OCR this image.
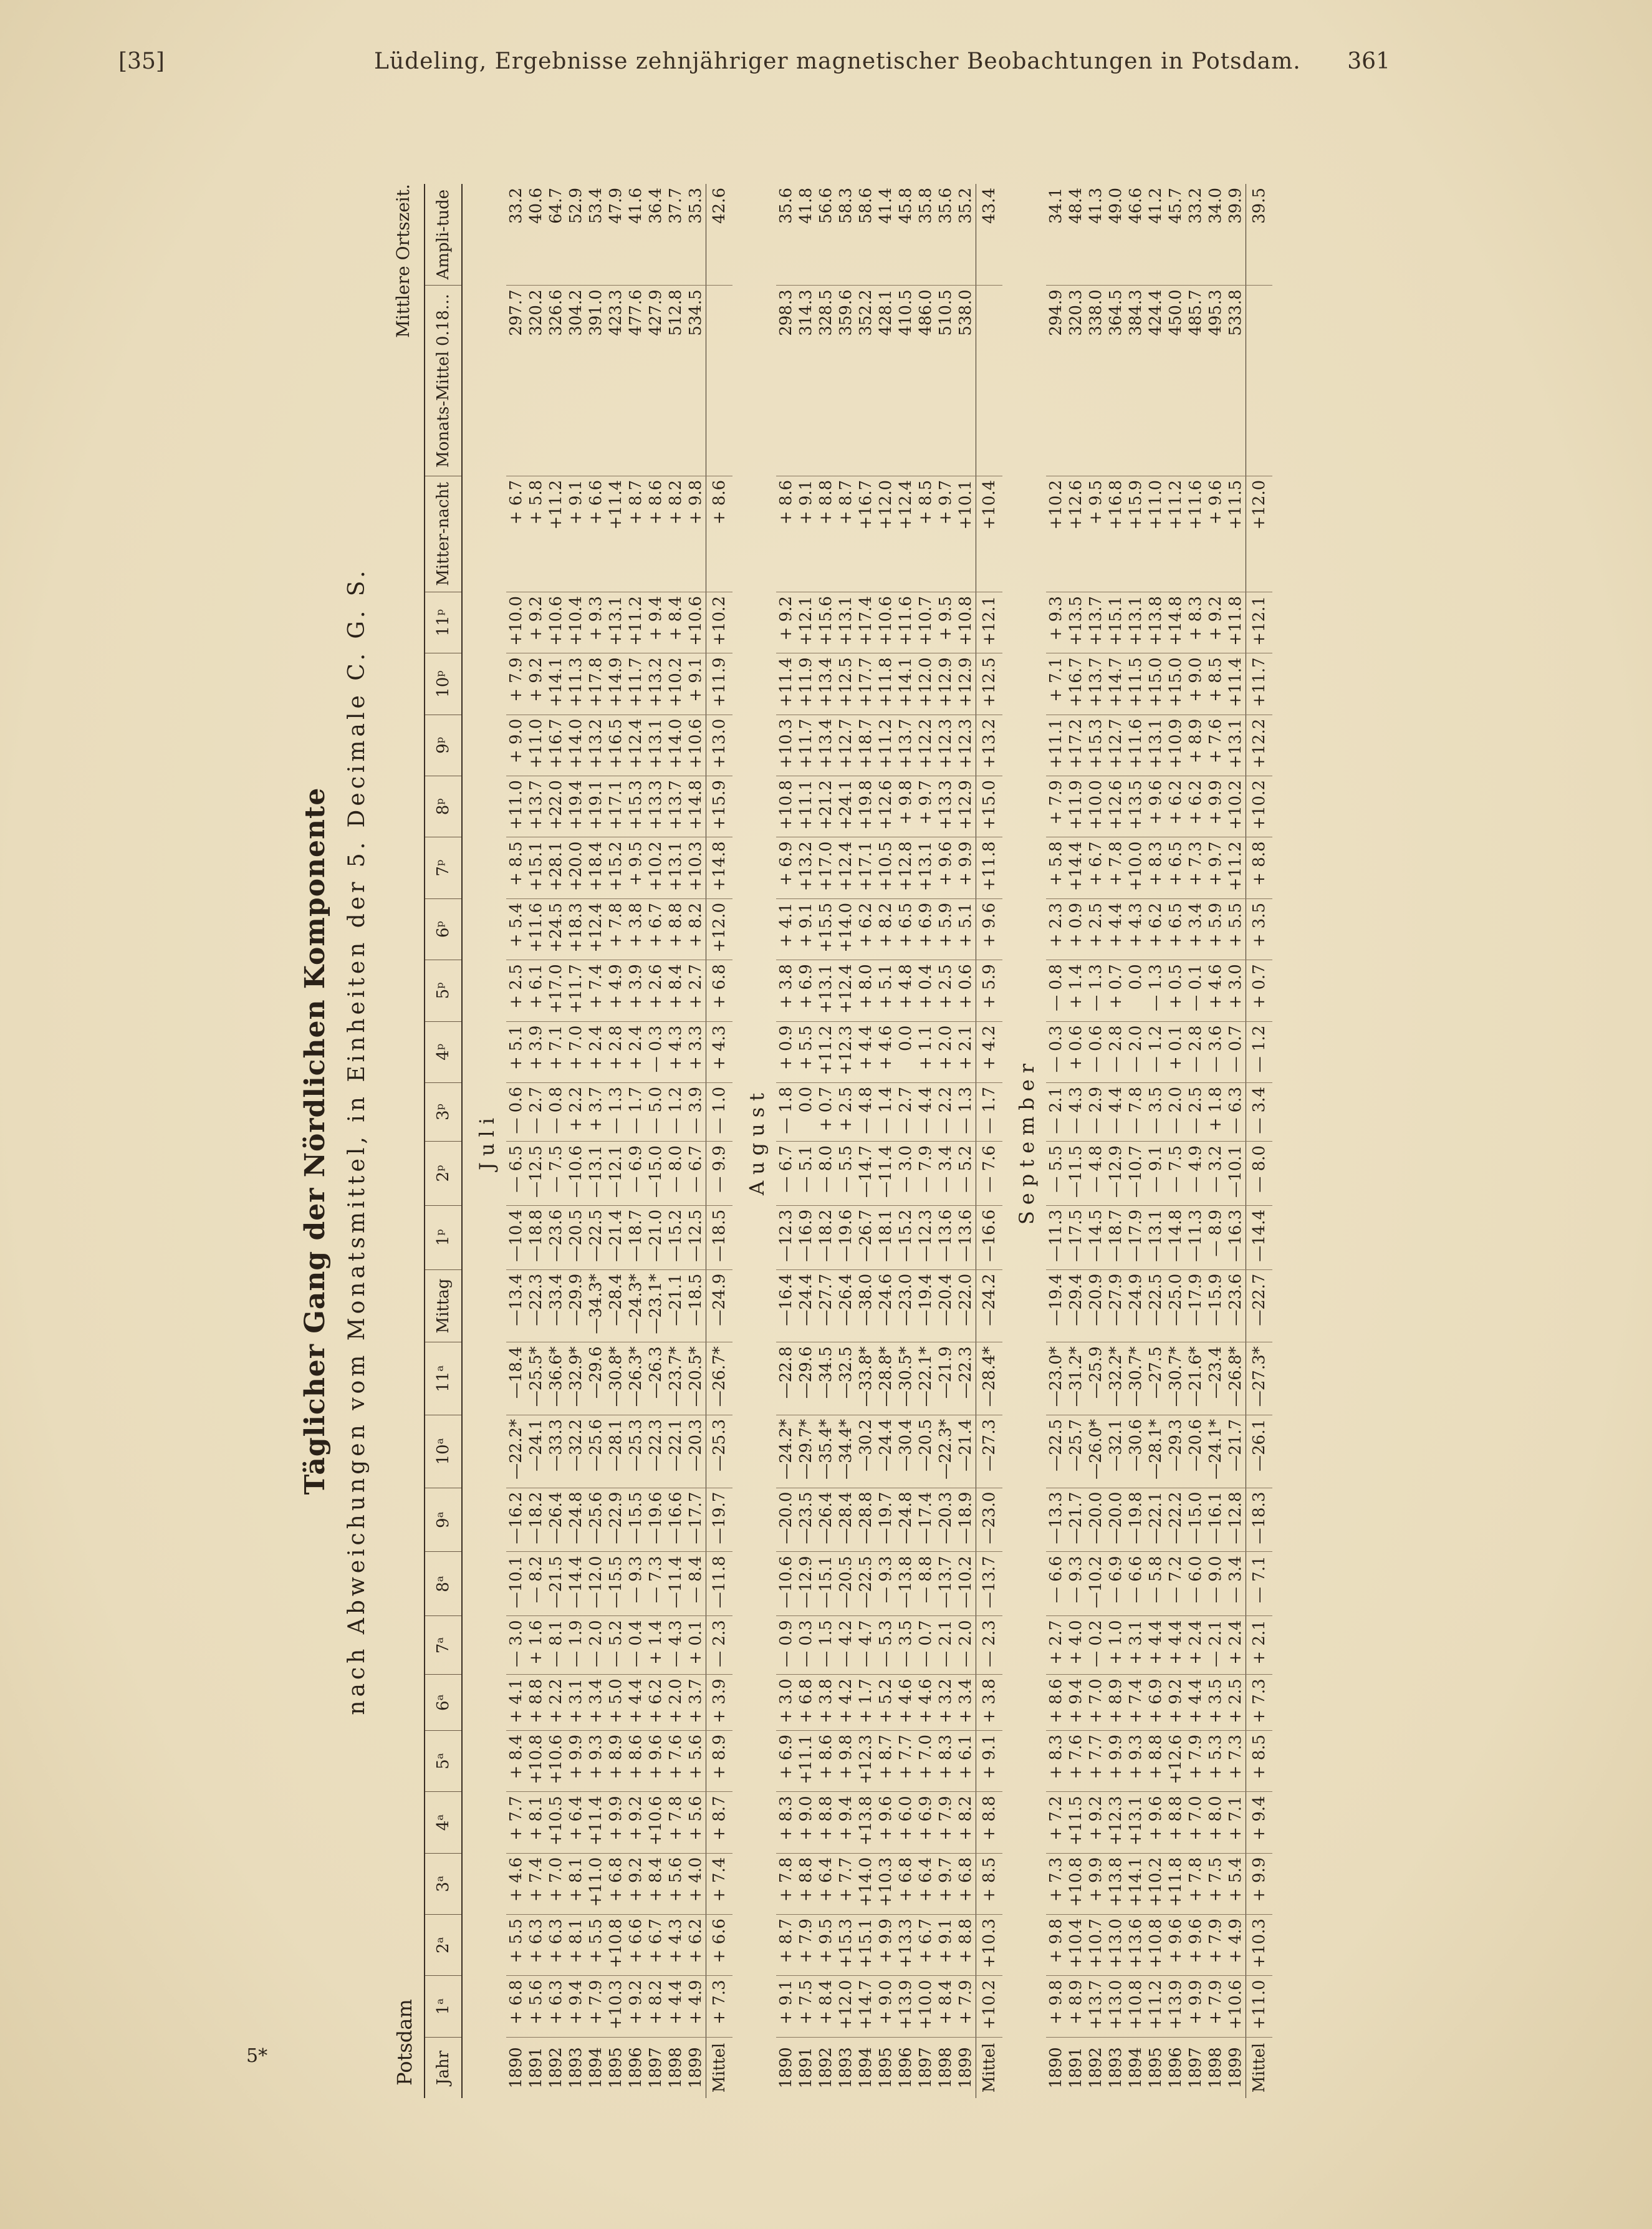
[35]	Lüdeling, Ergebnisse zehnjähriger magnetischer Beobachtungen in Potsdam. 361
Täglicher Gang der Nördlichen Komponente nach Abweichungen vom Monatsmittel, in Einheiten der 5. Decimale C. G. S.
Potsdam
Mittlere Ortszeit.
Jahr	1ᵃ	2ᵃ	3ᵃ	4ᵃ	5ᵃ	6ᵃ	7ᵃ	8ᵃ	9ᵃ	10ᵃ	11ᵃ	Mittag	1ᵖ	2ᵖ	3ᵖ	4ᵖ	5ᵖ	6ᵖ	7ᵖ	8ᵖ	9ᵖ	10ᵖ	11ᵖ	Mitter-nacht	Monats-Mittel 0.18…	Ampli-tude
Juli																										
1890	+ 6.8	+ 5.5	+ 4.6	+ 7.7	+ 8.4	+ 4.1	— 3.0	—10.1	—16.2	—22.2*	—18.4	—13.4	—10.4	— 6.5	— 0.6	+ 5.1	+ 2.5	+ 5.4	+ 8.5	+11.0	+ 9.0	+ 7.9	+10.0	+ 6.7	297.7	33.2
1891	+ 5.6	+ 6.3	+ 7.4	+ 8.1	+10.8	+ 8.8	+ 1.6	— 8.2	—18.2	—24.1	—25.5*	—22.3	—18.8	—12.5	— 2.7	+ 3.9	+ 6.1	+11.6	+15.1	+13.7	+11.0	+ 9.2	+ 9.2	+ 5.8	320.2	40.6
1892	+ 6.3	+ 6.3	+ 7.0	+10.5	+10.6	+ 2.2	— 8.1	—21.5	—26.4	—33.3	—36.6*	—33.4	—23.6	— 7.5	— 0.8	+ 7.1	+17.0	+24.5	+28.1	+22.0	+16.7	+14.1	+10.6	+11.2	326.6	64.7
1893	+ 9.4	+ 8.1	+ 8.1	+ 6.4	+ 9.9	+ 3.1	— 1.9	—14.4	—24.8	—32.2	—32.9*	—29.9	—20.5	—10.6	+ 2.2	+ 7.0	+11.7	+18.3	+20.0	+19.4	+14.0	+11.3	+10.4	+ 9.1	304.2	52.9
1894	+ 7.9	+ 5.5	+11.0	+11.4	+ 9.3	+ 3.4	— 2.0	—12.0	—25.6	—25.6	—29.6	—34.3*	—22.5	—13.1	+ 3.7	+ 2.4	+ 7.4	+12.4	+18.4	+19.1	+13.2	+17.8	+ 9.3	+ 6.6	391.0	53.4
1895	+10.3	+10.8	+ 6.8	+ 9.9	+ 8.9	+ 5.0	— 5.2	—15.5	—22.9	—28.1	—30.8*	—28.4	—21.4	—12.1	— 1.3	+ 2.8	+ 4.9	+ 7.8	+15.2	+17.1	+16.5	+14.9	+13.1	+11.4	423.3	47.9
1896	+ 9.2	+ 6.6	+ 9.2	+ 9.2	+ 8.6	+ 4.4	— 0.4	— 9.3	—15.5	—25.3	—26.3*	—24.3*	—18.7	— 6.9	— 1.7	+ 2.4	+ 3.9	+ 3.8	+ 9.5	+15.3	+12.4	+11.7	+11.2	+ 8.7	477.6	41.6
1897	+ 8.2	+ 6.7	+ 8.4	+10.6	+ 9.6	+ 6.2	+ 1.4	— 7.3	—19.6	—22.3	—26.3	—23.1*	—21.0	—15.0	— 5.0	— 0.3	+ 2.6	+ 6.7	+10.2	+13.3	+13.1	+13.2	+ 9.4	+ 8.6	427.9	36.4
1898	+ 4.4	+ 4.3	+ 5.6	+ 7.8	+ 7.6	+ 2.0	— 4.3	—11.4	—16.6	—22.1	—23.7*	—21.1	—15.2	— 8.0	— 1.2	+ 4.3	+ 8.4	+ 8.8	+13.1	+13.7	+14.0	+10.2	+ 8.4	+ 8.2	512.8	37.7
1899	+ 4.9	+ 6.2	+ 4.0	+ 5.6	+ 5.6	+ 3.7	+ 0.1	— 8.4	—17.7	—20.3	—20.5*	—18.5	—12.5	— 6.7	— 3.9	+ 3.3	+ 2.7	+ 8.2	+10.3	+14.8	+10.6	+ 9.1	+10.6	+ 9.8	534.5	35.3
Mittel	+ 7.3	+ 6.6	+ 7.4	+ 8.7	+ 8.9	+ 3.9	— 2.3	—11.8	—19.7	—25.3	—26.7*	—24.9	—18.5	— 9.9	— 1.0	+ 4.3	+ 6.8	+12.0	+14.8	+15.9	+13.0	+11.9	+10.2	+ 8.6		42.6
August																										
1890	+ 9.1	+ 8.7	+ 7.8	+ 8.3	+ 6.9	+ 3.0	— 0.9	—10.6	—20.0	—24.2*	—22.8	—16.4	—12.3	— 6.7	— 1.8	+ 0.9	+ 3.8	+ 4.1	+ 6.9	+10.8	+10.3	+11.4	+ 9.2	+ 8.6	298.3	35.6
1891	+ 7.5	+ 7.9	+ 8.8	+ 9.0	+11.1	+ 6.8	— 0.3	—12.9	—23.5	—29.7*	—29.6	—24.4	—16.9	— 5.1	0.0	+ 5.5	+ 6.9	+ 9.1	+13.2	+11.1	+11.7	+11.9	+12.1	+ 9.1	314.3	41.8
1892	+ 8.4	+ 9.5	+ 6.4	+ 8.8	+ 8.6	+ 3.8	— 1.5	—15.1	—26.4	—35.4*	—34.5	—27.7	—18.2	— 8.0	+ 0.7	+11.2	+13.1	+15.5	+17.0	+21.2	+13.4	+13.4	+15.6	+ 8.8	328.5	56.6
1893	+12.0	+15.3	+ 7.7	+ 9.4	+ 9.8	+ 4.2	— 4.2	—20.5	—28.4	—34.4*	—32.5	—26.4	—19.6	— 5.5	+ 2.5	+12.3	+12.4	+14.0	+12.4	+24.1	+12.7	+12.5	+13.1	+ 8.7	359.6	58.3
1894	+14.7	+15.1	+14.0	+13.8	+12.3	+ 1.7	— 4.7	—22.5	—28.8	—30.2	—33.8*	—38.0	—26.7	—14.7	— 4.8	+ 4.4	+ 8.0	+ 6.2	+17.1	+19.8	+18.7	+17.7	+17.4	+16.7	352.2	58.6
1895	+ 9.0	+ 9.9	+10.3	+ 9.6	+ 8.7	+ 5.2	— 5.3	— 9.3	—19.7	—24.4	—28.8*	—24.6	—18.1	—11.4	— 1.4	+ 4.6	+ 5.1	+ 8.2	+10.5	+12.6	+11.2	+11.8	+10.6	+12.0	428.1	41.4
1896	+13.9	+13.3	+ 6.8	+ 6.0	+ 7.7	+ 4.6	— 3.5	—13.8	—24.8	—30.4	—30.5*	—23.0	—15.2	— 3.0	— 2.7	0.0	+ 4.8	+ 6.5	+12.8	+ 9.8	+13.7	+14.1	+11.6	+12.4	410.5	45.8
1897	+10.0	+ 6.7	+ 6.4	+ 6.9	+ 7.0	+ 4.6	— 0.7	— 8.8	—17.4	—20.5	—22.1*	—19.4	—12.3	— 7.9	— 4.4	+ 1.1	+ 0.4	+ 6.9	+13.1	+ 9.7	+12.2	+12.0	+10.7	+ 8.5	486.0	35.8
1898	+ 8.4	+ 9.1	+ 9.7	+ 7.9	+ 8.3	+ 3.2	— 2.1	—13.7	—20.3	—22.3*	—21.9	—20.4	—13.6	— 3.4	— 2.2	+ 2.0	+ 2.5	+ 5.9	+ 9.6	+13.3	+12.3	+12.9	+ 9.5	+ 9.7	510.5	35.6
1899	+ 7.9	+ 8.8	+ 6.8	+ 8.2	+ 6.1	+ 3.4	— 2.0	—10.2	—18.9	—21.4	—22.3	—22.0	—13.6	— 5.2	— 1.3	+ 2.1	+ 0.6	+ 5.1	+ 9.9	+12.9	+12.3	+12.9	+10.8	+10.1	538.0	35.2
Mittel	+10.2	+10.3	+ 8.5	+ 8.8	+ 9.1	+ 3.8	— 2.3	—13.7	—23.0	—27.3	—28.4*	—24.2	—16.6	— 7.6	— 1.7	+ 4.2	+ 5.9	+ 9.6	+11.8	+15.0	+13.2	+12.5	+12.1	+10.4		43.4
September																										
1890	+ 9.8	+ 9.8	+ 7.3	+ 7.2	+ 8.3	+ 8.6	+ 2.7	— 6.6	—13.3	—22.5	—23.0*	—19.4	—11.3	— 5.5	— 2.1	— 0.3	— 0.8	+ 2.3	+ 5.8	+ 7.9	+11.1	+ 7.1	+ 9.3	+10.2	294.9	34.1
1891	+ 8.9	+10.4	+10.8	+11.5	+ 7.6	+ 9.4	+ 4.0	— 9.3	—21.7	—25.7	—31.2*	—29.4	—17.5	—11.5	— 4.3	+ 0.6	+ 1.4	+ 0.9	+14.4	+11.9	+17.2	+16.7	+13.5	+12.6	320.3	48.4
1892	+13.7	+10.7	+ 9.9	+ 9.2	+ 7.7	+ 7.0	— 0.2	—10.2	—20.0	—26.0*	—25.9	—20.9	—14.5	— 4.8	— 2.9	— 0.6	— 1.3	+ 2.5	+ 6.7	+10.0	+15.3	+13.7	+13.7	+ 9.5	338.0	41.3
1893	+13.0	+13.0	+13.8	+12.3	+ 9.9	+ 8.9	+ 1.0	— 6.9	—20.0	—32.1	—32.2*	—27.9	—18.7	—12.9	— 4.4	— 2.8	+ 0.7	+ 4.4	+ 7.8	+12.6	+12.7	+14.7	+15.1	+16.8	364.5	49.0
1894	+10.8	+13.6	+14.1	+13.1	+ 9.3	+ 7.4	+ 3.1	— 6.6	—19.8	—30.6	—30.7*	—24.9	—17.9	—10.7	— 7.8	— 2.0	0.0	+ 4.3	+10.0	+13.5	+11.6	+11.5	+13.1	+15.9	384.3	46.6
1895	+11.2	+10.8	+10.2	+ 9.6	+ 8.8	+ 6.9	+ 4.4	— 5.8	—22.1	—28.1*	—27.5	—22.5	—13.1	— 9.1	— 3.5	— 1.2	— 1.3	+ 6.2	+ 8.3	+ 9.6	+13.1	+15.0	+13.8	+11.0	424.4	41.2
1896	+13.9	+ 9.6	+11.8	+ 8.8	+12.6	+ 9.2	+ 4.4	— 7.2	—22.2	—29.3	—30.7*	—25.0	—14.8	— 7.5	— 2.0	+ 0.1	+ 0.5	+ 6.5	+ 6.5	+ 6.2	+10.9	+15.0	+14.8	+11.2	450.0	45.7
1897	+ 9.9	+ 9.6	+ 7.8	+ 7.0	+ 7.9	+ 4.4	+ 2.4	— 6.0	—15.0	—20.6	—21.6*	—17.9	—11.3	— 4.9	— 2.5	— 2.8	— 0.1	+ 3.4	+ 7.3	+ 6.2	+ 8.9	+ 9.0	+ 8.3	+11.6	485.7	33.2
1898	+ 7.9	+ 7.9	+ 7.5	+ 8.0	+ 5.3	+ 3.5	— 2.1	— 9.0	—16.1	—24.1*	—23.4	—15.9	— 8.9	— 3.2	+ 1.8	— 3.6	+ 4.6	+ 5.9	+ 9.7	+ 9.9	+ 7.6	+ 8.5	+ 9.2	+ 9.6	495.3	34.0
1899	+10.6	+ 4.9	+ 5.4	+ 7.1	+ 7.3	+ 2.5	+ 2.4	— 3.4	—12.8	—21.7	—26.8*	—23.6	—16.3	—10.1	— 6.3	— 0.7	+ 3.0	+ 5.5	+11.2	+10.2	+13.1	+11.4	+11.8	+11.5	533.8	39.9
Mittel	+11.0	+10.3	+ 9.9	+ 9.4	+ 8.5	+ 7.3	+ 2.1	— 7.1	—18.3	—26.1	—27.3*	—22.7	—14.4	— 8.0	— 3.4	— 1.2	+ 0.7	+ 3.5	+ 8.8	+10.2	+12.2	+11.7	+12.1	+12.0		39.5
5*
